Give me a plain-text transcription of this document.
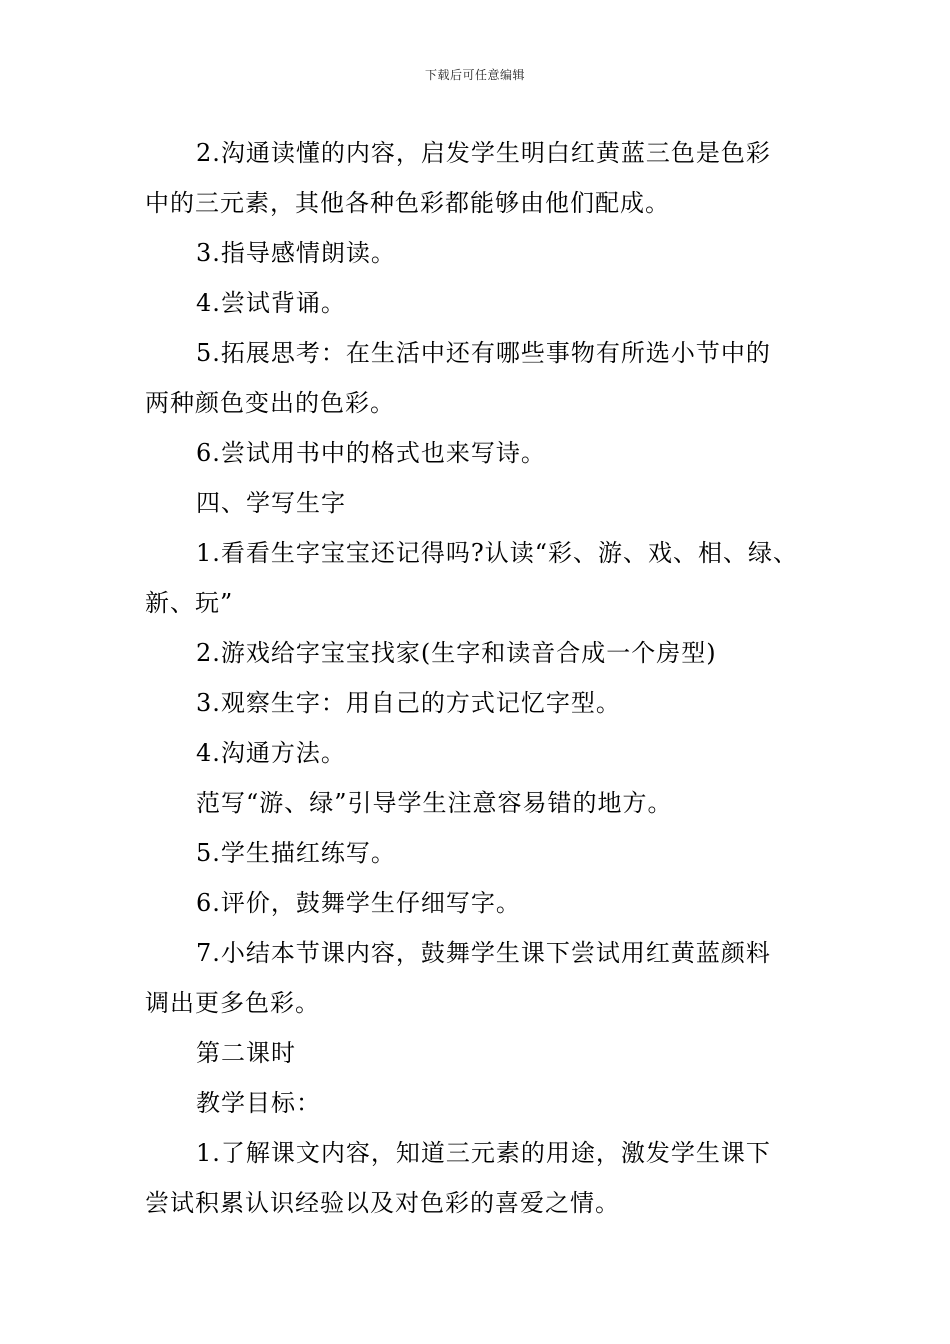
下载后可任意编辑
2.沟通读懂的内容，启发学生明白红黄蓝三色是色彩
中的三元素，其他各种色彩都能够由他们配成。
3.指导感情朗读。
4.尝试背诵。
5.拓展思考：在生活中还有哪些事物有所选小节中的
两种颜色变出的色彩。
6.尝试用书中的格式也来写诗。
四、学写生字
1.看看生字宝宝还记得吗?认读“彩、游、戏、相、绿、
新、玩”
2.游戏给字宝宝找家(生字和读音合成一个房型)
3.观察生字：用自己的方式记忆字型。
4.沟通方法。
范写“游、绿”引导学生注意容易错的地方。
5.学生描红练写。
6.评价，鼓舞学生仔细写字。
7.小结本节课内容，鼓舞学生课下尝试用红黄蓝颜料
调出更多色彩。
第二课时
教学目标：
1.了解课文内容，知道三元素的用途，激发学生课下
尝试积累认识经验以及对色彩的喜爱之情。
